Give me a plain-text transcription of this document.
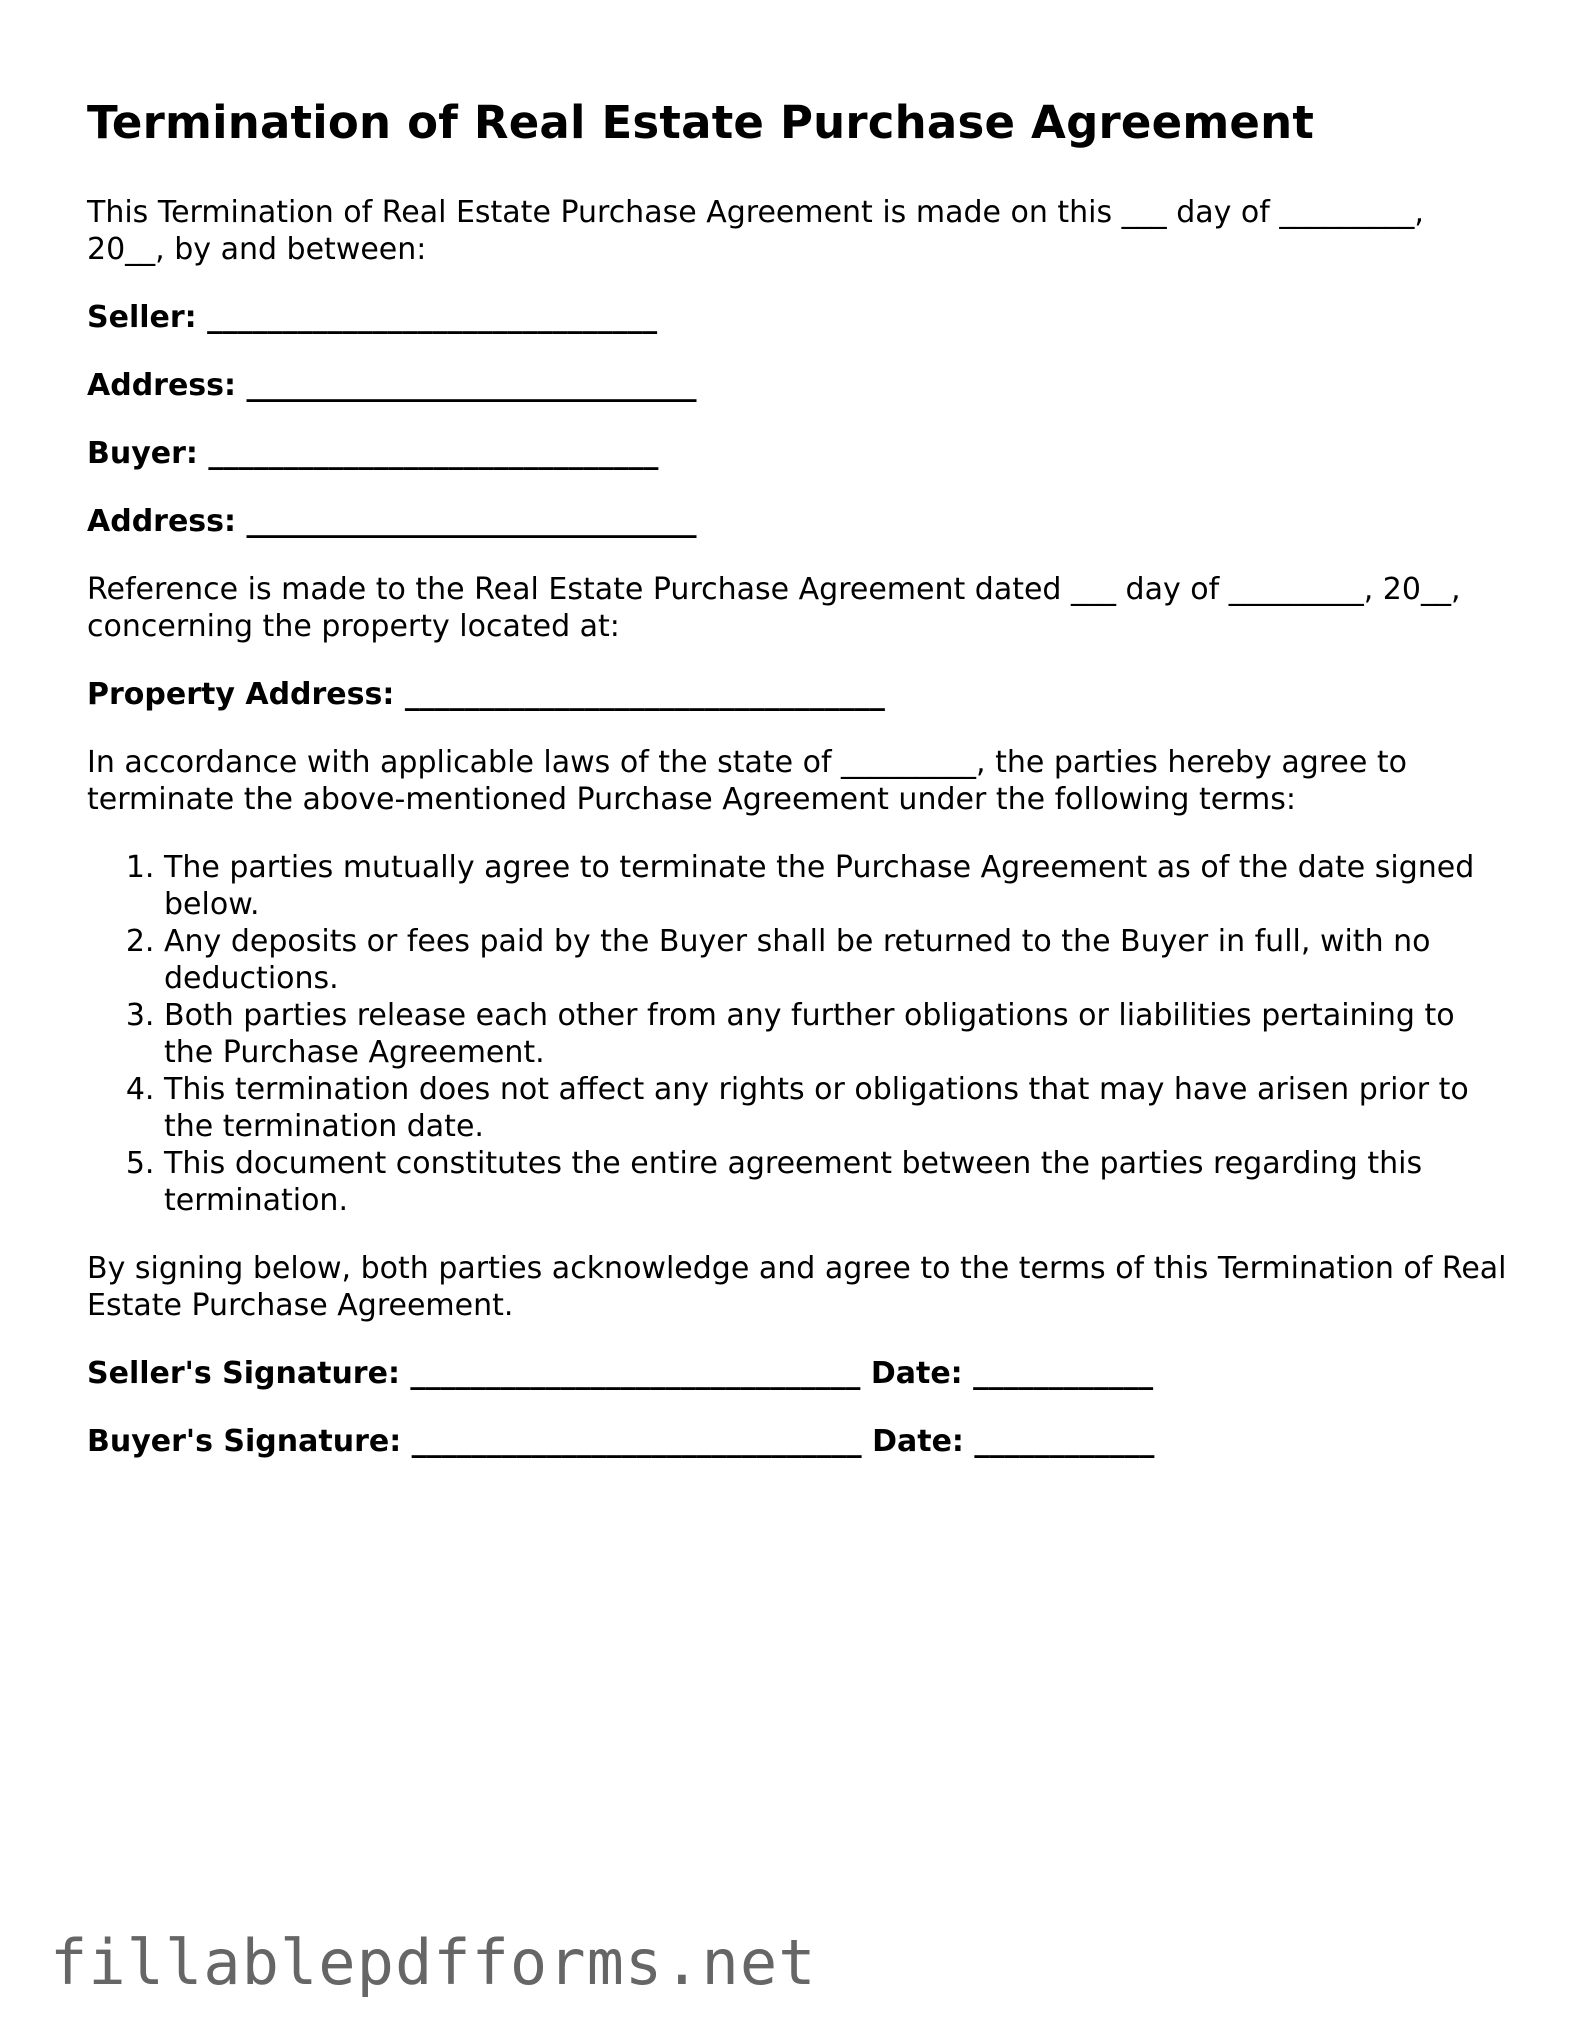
Termination of Real Estate Purchase Agreement

This Termination of Real Estate Purchase Agreement is made on this ___ day of _________, 20__, by and between:

Seller: ______________________________
Address: ______________________________
Buyer: ______________________________
Address: ______________________________

Reference is made to the Real Estate Purchase Agreement dated ___ day of _________, 20__, concerning the property located at:

Property Address: ________________________________

In accordance with applicable laws of the state of _________, the parties hereby agree to terminate the above-mentioned Purchase Agreement under the following terms:

1. The parties mutually agree to terminate the Purchase Agreement as of the date signed below.
2. Any deposits or fees paid by the Buyer shall be returned to the Buyer in full, with no deductions.
3. Both parties release each other from any further obligations or liabilities pertaining to the Purchase Agreement.
4. This termination does not affect any rights or obligations that may have arisen prior to the termination date.
5. This document constitutes the entire agreement between the parties regarding this termination.

By signing below, both parties acknowledge and agree to the terms of this Termination of Real Estate Purchase Agreement.

Seller's Signature: ______________________________ Date: ____________
Buyer's Signature: ______________________________ Date: ____________
fillablepdfforms.net
